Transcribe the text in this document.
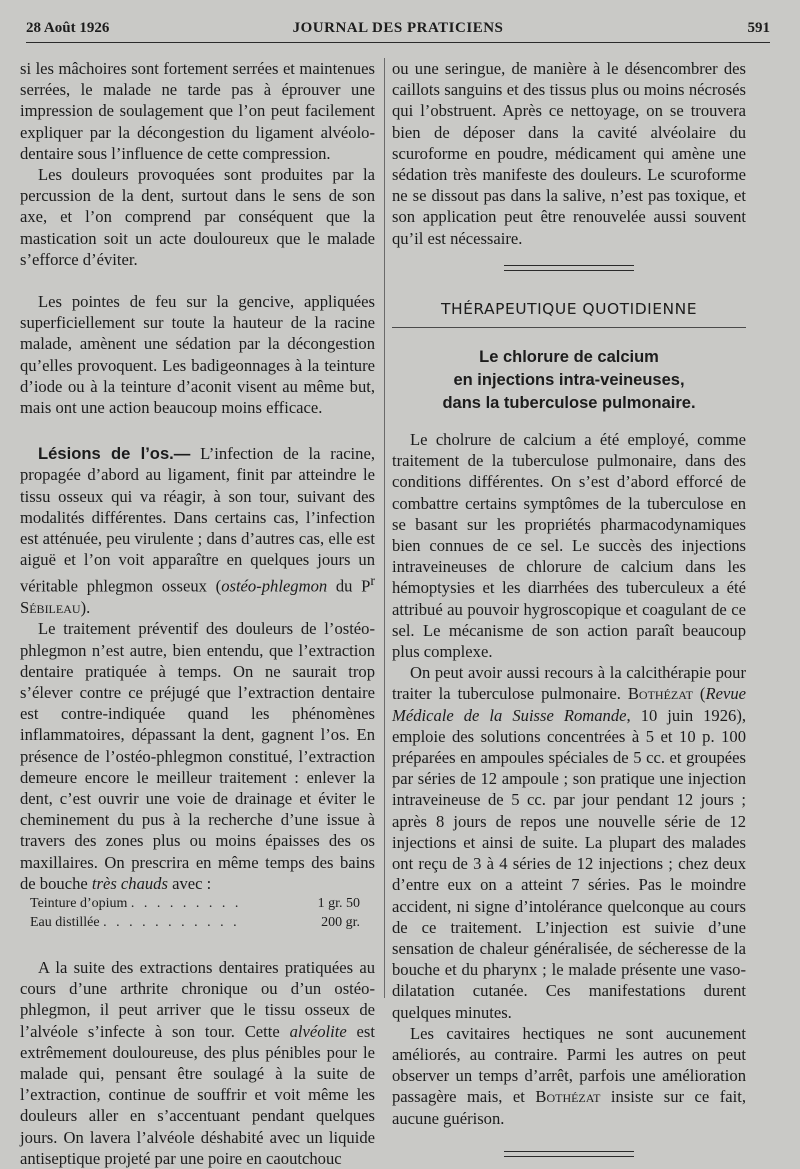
28 Août 1926	JOURNAL DES PRATICIENS	591

si les mâchoires sont fortement serrées et maintenues serrées, le malade ne tarde pas à éprouver une impression de soulagement que l’on peut facilement expliquer par la décongestion du ligament alvéolo-dentaire sous l’influence de cette compression.

Les douleurs provoquées sont produites par la percussion de la dent, surtout dans le sens de son axe, et l’on comprend par conséquent que la mastication soit un acte douloureux que le malade s’efforce d’éviter.

Les pointes de feu sur la gencive, appliquées superficiellement sur toute la hauteur de la racine malade, amènent une sédation par la décongestion qu’elles provoquent. Les badigeonnages à la teinture d’iode ou à la teinture d’aconit visent au même but, mais ont une action beaucoup moins efficace.

Lésions de l’os.— L’infection de la racine, propagée d’abord au ligament, finit par atteindre le tissu osseux qui va réagir, à son tour, suivant des modalités différentes. Dans certains cas, l’infection est atténuée, peu virulente ; dans d’autres cas, elle est aiguë et l’on voit apparaître en quelques jours un véritable phlegmon osseux (ostéo-phlegmon du $P^r$ Sébileau).

Le traitement préventif des douleurs de l’ostéo-phlegmon n’est autre, bien entendu, que l’extraction dentaire pratiquée à temps. On ne saurait trop s’élever contre ce préjugé que l’extraction dentaire est contre-indiquée quand les phénomènes inflammatoires, dépassant la dent, gagnent l’os. En présence de l’ostéo-phlegmon constitué, l’extraction demeure encore le meilleur traitement : enlever la dent, c’est ouvrir une voie de drainage et éviter le cheminement du pus à la recherche d’une issue à travers des zones plus ou moins épaisses des os maxillaires. On prescrira en même temps des bains de bouche très chauds avec :

Teinture d’opium . . . . . . . . .	1 gr. 50
Eau distillée . . . . . . . . . . .	200 gr.

A la suite des extractions dentaires pratiquées au cours d’une arthrite chronique ou d’un ostéo-phlegmon, il peut arriver que le tissu osseux de l’alvéole s’infecte à son tour. Cette alvéolite est extrêmement douloureuse, des plus pénibles pour le malade qui, pensant être soulagé à la suite de l’extraction, continue de souffrir et voit même les douleurs aller en s’accentuant pendant quelques jours. On lavera l’alvéole déshabité avec un liquide antiseptique projeté par une poire en caoutchouc

ou une seringue, de manière à le désencombrer des caillots sanguins et des tissus plus ou moins nécrosés qui l’obstruent. Après ce nettoyage, on se trouvera bien de déposer dans la cavité alvéolaire du scuroforme en poudre, médicament qui amène une sédation très manifeste des douleurs. Le scuroforme ne se dissout pas dans la salive, n’est pas toxique, et son application peut être renouvelée aussi souvent qu’il est nécessaire.

THÉRAPEUTIQUE QUOTIDIENNE
Le chlorure de calcium
en injections intra-veineuses,
dans la tuberculose pulmonaire.

Le cholrure de calcium a été employé, comme traitement de la tuberculose pulmonaire, dans des conditions différentes. On s’est d’abord efforcé de combattre certains symptômes de la tuberculose en se basant sur les propriétés pharmacodynamiques bien connues de ce sel. Le succès des injections intraveineuses de chlorure de calcium dans les hémoptysies et les diarrhées des tuberculeux a été attribué au pouvoir hygroscopique et coagulant de ce sel. Le mécanisme de son action paraît beaucoup plus complexe.

On peut avoir aussi recours à la calcithérapie pour traiter la tuberculose pulmonaire. Bothézat (Revue Médicale de la Suisse Romande, 10 juin 1926), emploie des solutions concentrées à 5 et 10 p. 100 préparées en ampoules spéciales de 5 cc. et groupées par séries de 12 ampoule ; son pratique une injection intraveineuse de 5 cc. par jour pendant 12 jours ; après 8 jours de repos une nouvelle série de 12 injections et ainsi de suite. La plupart des malades ont reçu de 3 à 4 séries de 12 injections ; chez deux d’entre eux on a atteint 7 séries. Pas le moindre accident, ni signe d’intolérance quelconque au cours de ce traitement. L’injection est suivie d’une sensation de chaleur généralisée, de sécheresse de la bouche et du pharynx ; le malade présente une vaso-dilatation cutanée. Ces manifestations durent quelques minutes.

Les cavitaires hectiques ne sont aucunement améliorés, au contraire. Parmi les autres on peut observer un temps d’arrêt, parfois une amélioration passagère mais, et Bothézat insiste sur ce fait, aucune guérison.
